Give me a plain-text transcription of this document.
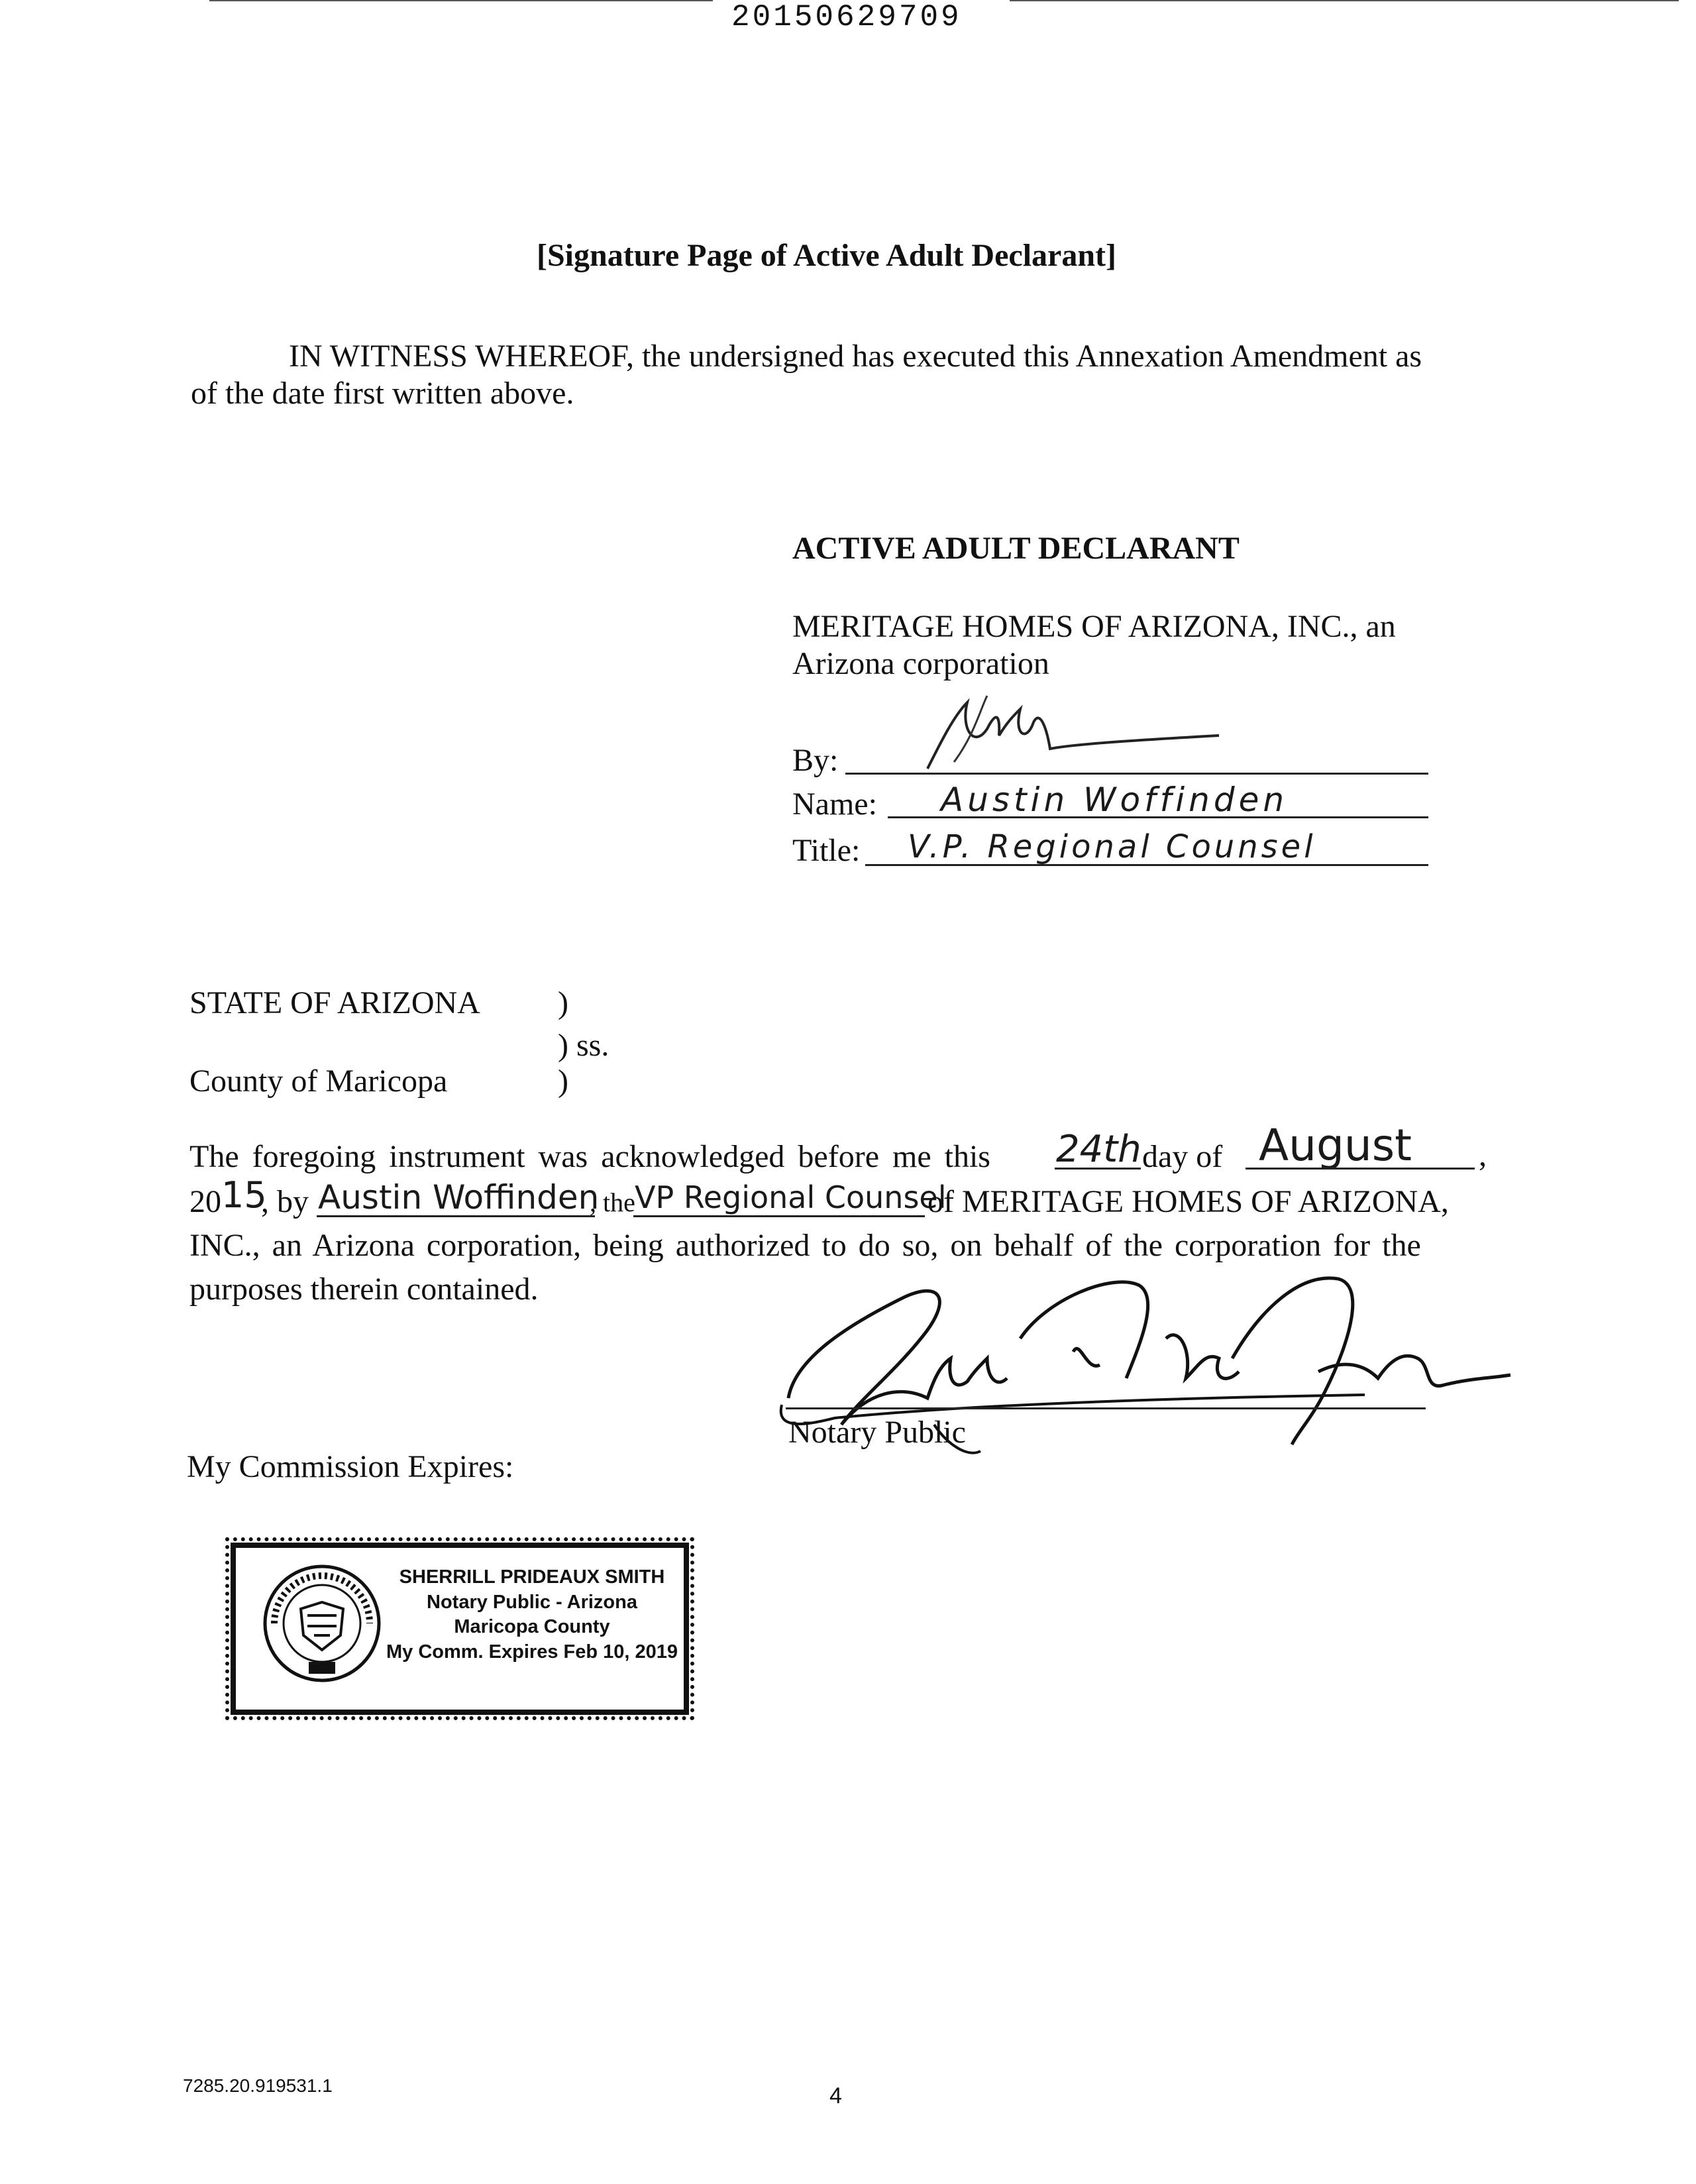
20150629709
[Signature Page of Active Adult Declarant]
IN WITNESS WHEREOF, the undersigned has executed this Annexation Amendment as
of the date first written above.
ACTIVE ADULT DECLARANT
MERITAGE HOMES OF ARIZONA, INC., an
Arizona corporation
By:
Name: Austin Woffinden
Title: V.P. Regional Counsel
STATE OF ARIZONA )
) ss.
County of Maricopa	)
The foregoing instrument was acknowledged before me this 24th day of August ,
20 15
, by Austin Woffinden
, the VP Regional Counsel
of MERITAGE HOMES OF ARIZONA,
INC., an Arizona corporation, being authorized to do so, on behalf of the corporation for the
purposes therein contained.
Notary Public
My Commission Expires:
SHERRILL PRIDEAUX SMITH
Notary Public - Arizona
Maricopa County
My Comm. Expires Feb 10, 2019
7285.20.919531.1	4
